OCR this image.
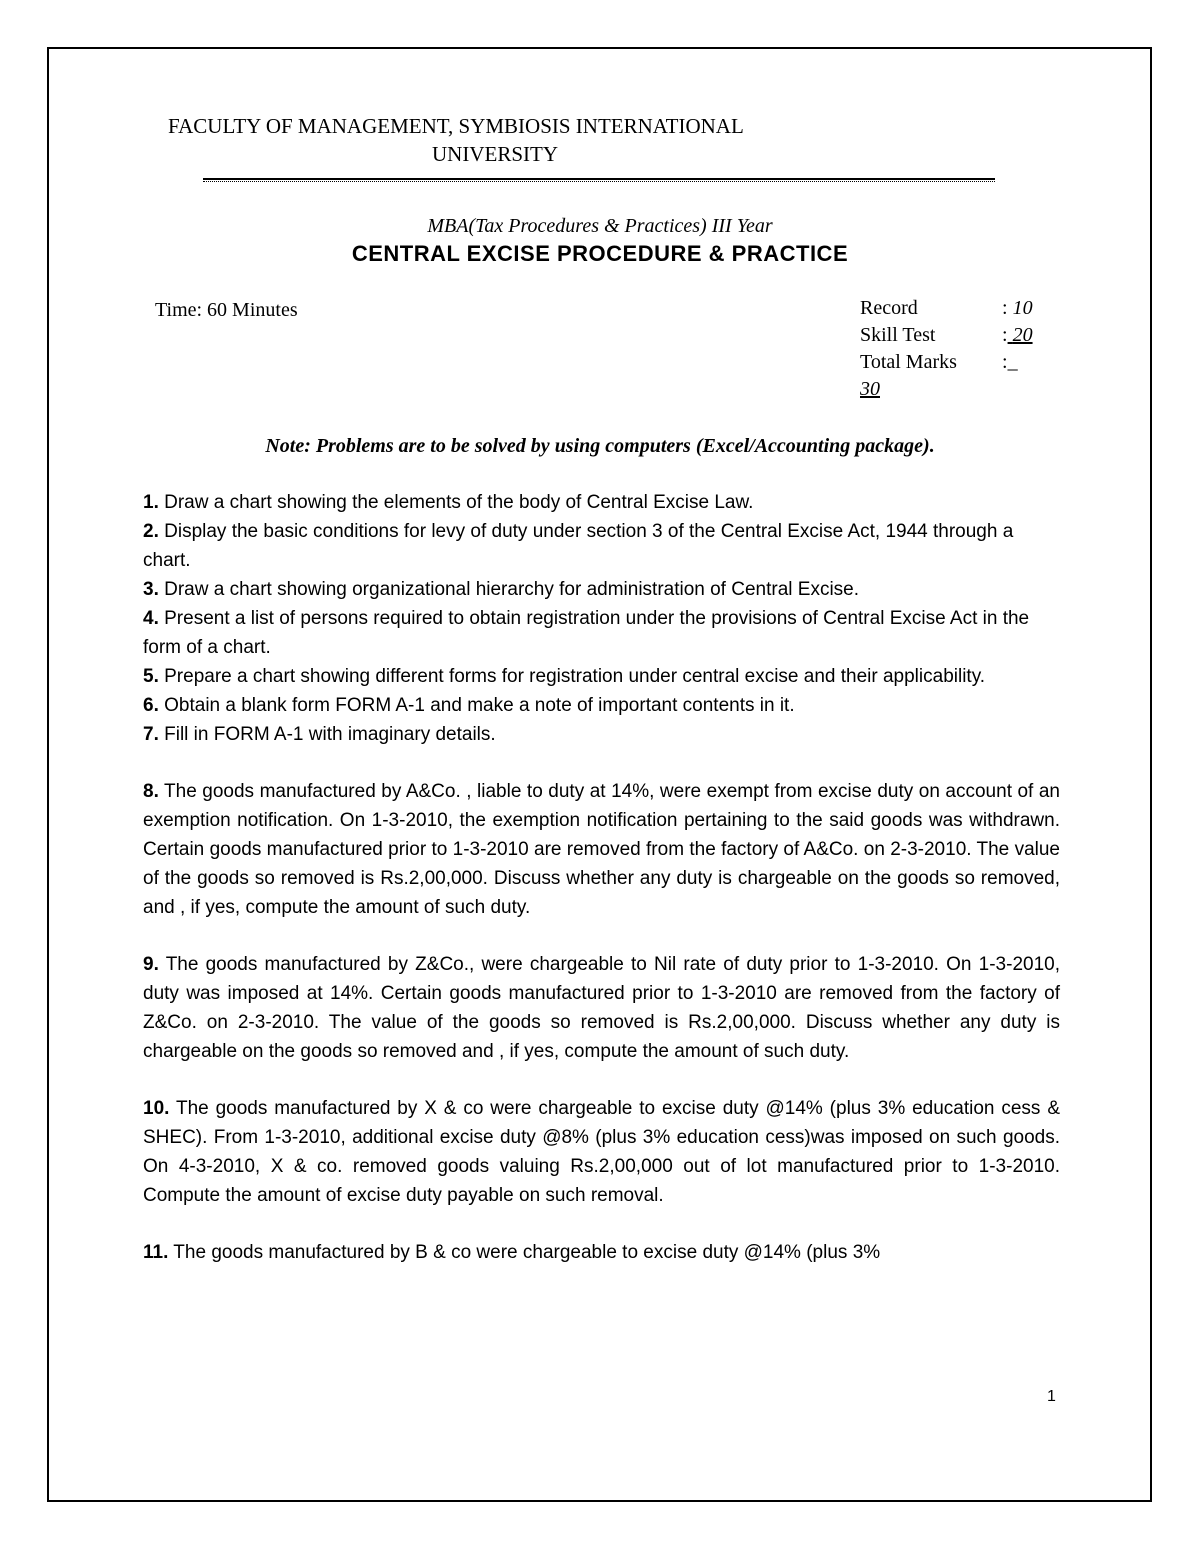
FACULTY OF MANAGEMENT, SYMBIOSIS INTERNATIONAL
UNIVERSITY
MBA(Tax Procedures & Practices) III Year
CENTRAL EXCISE PROCEDURE & PRACTICE
Time: 60 Minutes	Record	: 10
Skill Test	: 20
Total Marks :_
30
Note: Problems are to be solved by using computers (Excel/Accounting package).

1. Draw a chart showing the elements of the body of Central Excise Law.

2. Display the basic conditions for levy of duty under section 3 of the Central Excise Act, 1944 through a chart.

3. Draw a chart showing organizational hierarchy for administration of Central Excise.

4. Present a list of persons required to obtain registration under the provisions of Central Excise Act in the form of a chart.

5. Prepare a chart showing different forms for registration under central excise and their applicability.

6. Obtain a blank form FORM A-1 and make a note of important contents in it.

7. Fill in FORM A-1 with imaginary details.

8. The goods manufactured by A&Co. , liable to duty at 14%, were exempt from excise duty on account of an exemption notification. On 1-3-2010, the exemption notification pertaining to the said goods was withdrawn. Certain goods manufactured prior to 1-3-2010 are removed from the factory of A&Co. on 2-3-2010. The value of the goods so removed is Rs.2,00,000. Discuss whether any duty is chargeable on the goods so removed, and , if yes, compute the amount of such duty.

9. The goods manufactured by Z&Co., were chargeable to Nil rate of duty prior to 1-3-2010. On 1-3-2010, duty was imposed at 14%. Certain goods manufactured prior to 1-3-2010 are removed from the factory of Z&Co. on 2-3-2010. The value of the goods so removed is Rs.2,00,000. Discuss whether any duty is chargeable on the goods so removed and , if yes, compute the amount of such duty.

10. The goods manufactured by X & co were chargeable to excise duty @14% (plus 3% education cess & SHEC). From 1-3-2010, additional excise duty @8% (plus 3% education cess)was imposed on such goods. On 4-3-2010, X & co. removed goods valuing Rs.2,00,000 out of lot manufactured prior to 1-3-2010. Compute the amount of excise duty payable on such removal.

11. The goods manufactured by B & co were chargeable to excise duty @14% (plus 3%

1
